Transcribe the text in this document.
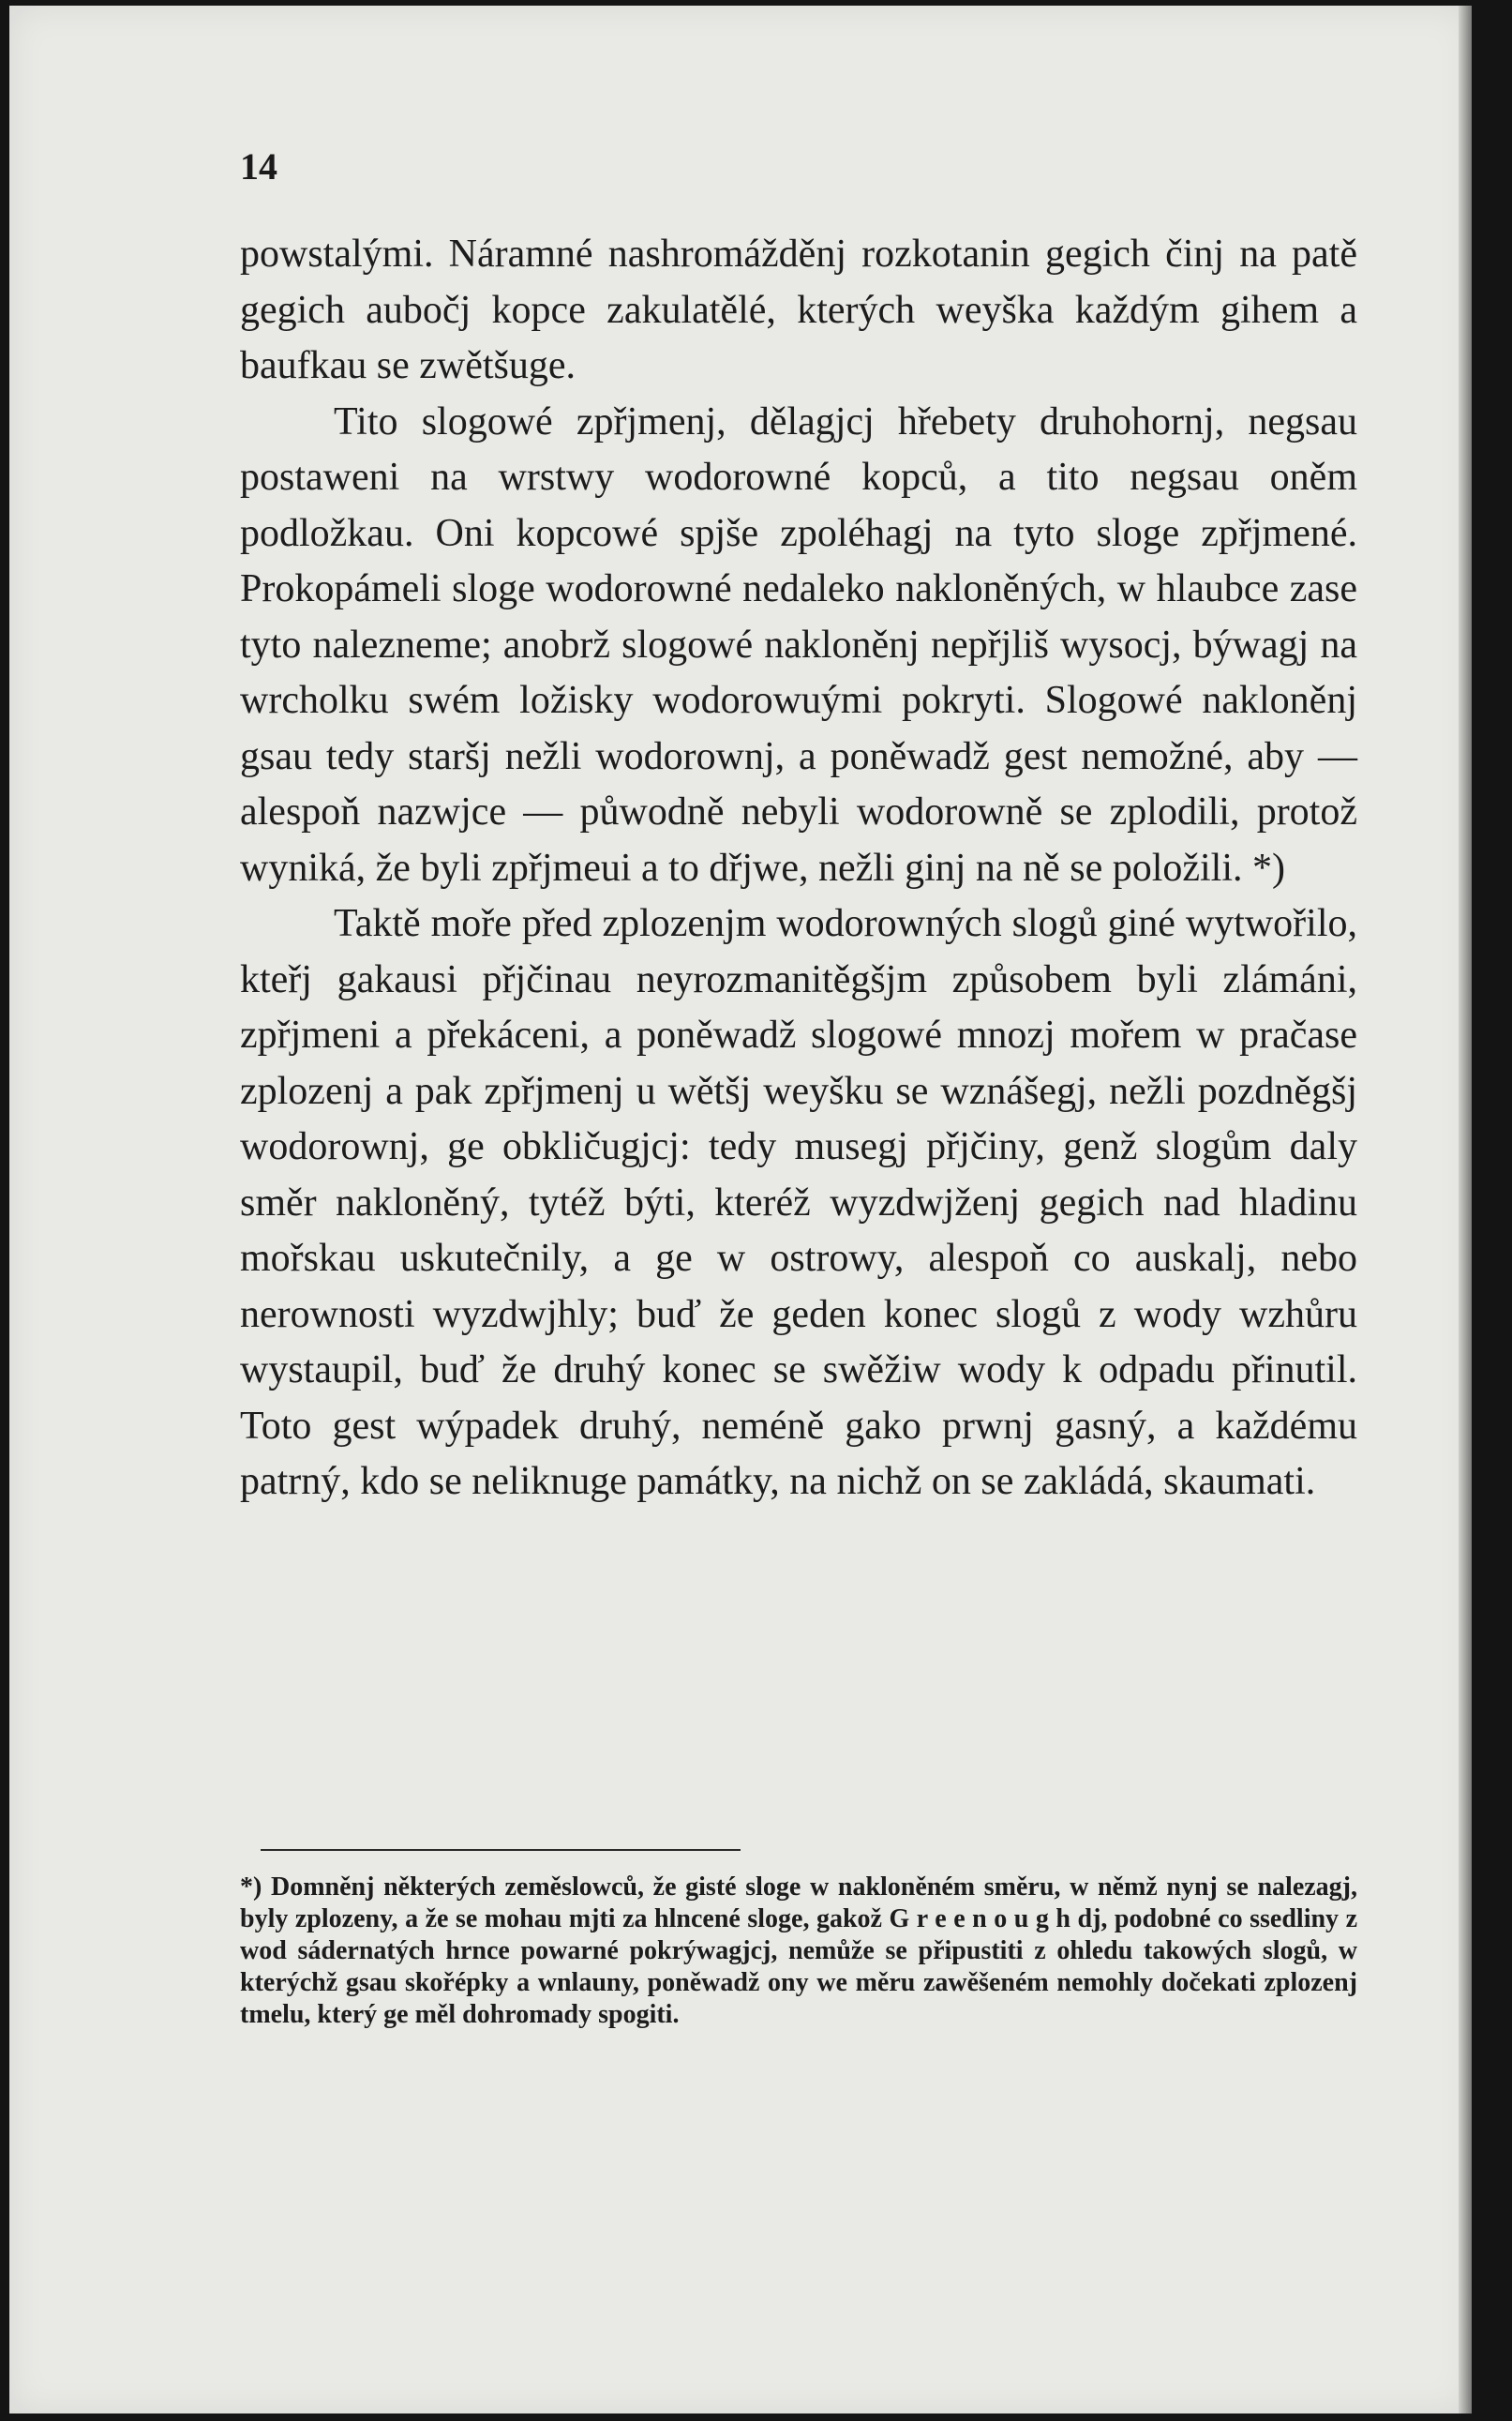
14

powstalými. Náramné nashromážděnj rozkotanin gegich činj na patě gegich aubočj kopce zakulatělé, kterých weyška každým gihem a baufkau se zwětšuge.

Tito slogowé zpřjmenj, dělagjcj hřebety druhohornj, negsau postaweni na wrstwy wodorowné kopců, a tito negsau oněm podložkau. Oni kopcowé spjše zpoléhagj na tyto sloge zpřjmené. Prokopámeli sloge wodorowné nedaleko nakloněných, w hlaubce zase tyto nalezneme; anobrž slogowé nakloněnj nepřjliš wysocj, býwagj na wrcholku swém ložisky wodorowuými pokryti. Slogowé nakloněnj gsau tedy staršj nežli wodorownj, a poněwadž gest nemožné, aby — alespoň nazwjce — půwodně nebyli wodorowně se zplodili, protož wyniká, že byli zpřjmeui a to dřjwe, nežli ginj na ně se položili. *)

Taktě moře před zplozenjm wodorowných slogů giné wytwořilo, kteřj gakausi přjčinau neyrozmanitěgšjm způsobem byli zlámáni, zpřjmeni a překáceni, a poněwadž slogowé mnozj mořem w pračase zplozenj a pak zpřjmenj u wětšj weyšku se wznášegj, nežli pozdněgšj wodorownj, ge obkličugjcj: tedy musegj přjčiny, genž slogům daly směr nakloněný, tytéž býti, kteréž wyzdwjženj gegich nad hladinu mořskau uskutečnily, a ge w ostrowy, alespoň co auskalj, nebo nerownosti wyzdwjhly; buď že geden konec slogů z wody wzhůru wystaupil, buď že druhý konec se swěžiw wody k odpadu přinutil. Toto gest wýpadek druhý, neméně gako prwnj gasný, a každému patrný, kdo se neliknuge památky, na nichž on se zakládá, skaumati.

*) Domněnj některých zeměslowců, že gisté sloge w nakloněném směru, w němž nynj se nalezagj, byly zplozeny, a že se mohau mjti za hlncené sloge, gakož G r e e n o u g h dj, podobné co ssedliny z wod sádernatých hrnce powarné pokrýwagjcj, nemůže se připustiti z ohledu takowých slogů, w kterýchž gsau skořépky a wnlauny, poněwadž ony we měru zawěšeném nemohly dočekati zplozenj tmelu, který ge měl dohromady spogiti.
